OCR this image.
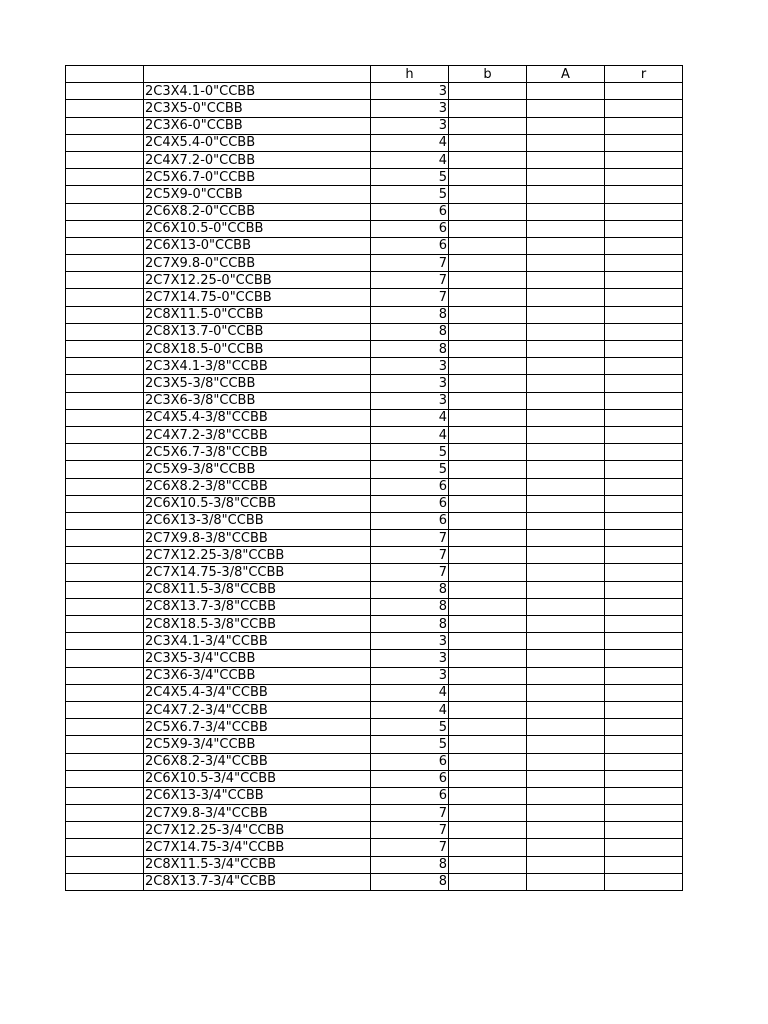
		h	b	A	r
	2C3X4.1-0"CCBB	3			
	2C3X5-0"CCBB	3			
	2C3X6-0"CCBB	3			
	2C4X5.4-0"CCBB	4			
	2C4X7.2-0"CCBB	4			
	2C5X6.7-0"CCBB	5			
	2C5X9-0"CCBB	5			
	2C6X8.2-0"CCBB	6			
	2C6X10.5-0"CCBB	6			
	2C6X13-0"CCBB	6			
	2C7X9.8-0"CCBB	7			
	2C7X12.25-0"CCBB	7			
	2C7X14.75-0"CCBB	7			
	2C8X11.5-0"CCBB	8			
	2C8X13.7-0"CCBB	8			
	2C8X18.5-0"CCBB	8			
	2C3X4.1-3/8"CCBB	3			
	2C3X5-3/8"CCBB	3			
	2C3X6-3/8"CCBB	3			
	2C4X5.4-3/8"CCBB	4			
	2C4X7.2-3/8"CCBB	4			
	2C5X6.7-3/8"CCBB	5			
	2C5X9-3/8"CCBB	5			
	2C6X8.2-3/8"CCBB	6			
	2C6X10.5-3/8"CCBB	6			
	2C6X13-3/8"CCBB	6			
	2C7X9.8-3/8"CCBB	7			
	2C7X12.25-3/8"CCBB	7			
	2C7X14.75-3/8"CCBB	7			
	2C8X11.5-3/8"CCBB	8			
	2C8X13.7-3/8"CCBB	8			
	2C8X18.5-3/8"CCBB	8			
	2C3X4.1-3/4"CCBB	3			
	2C3X5-3/4"CCBB	3			
	2C3X6-3/4"CCBB	3			
	2C4X5.4-3/4"CCBB	4			
	2C4X7.2-3/4"CCBB	4			
	2C5X6.7-3/4"CCBB	5			
	2C5X9-3/4"CCBB	5			
	2C6X8.2-3/4"CCBB	6			
	2C6X10.5-3/4"CCBB	6			
	2C6X13-3/4"CCBB	6			
	2C7X9.8-3/4"CCBB	7			
	2C7X12.25-3/4"CCBB	7			
	2C7X14.75-3/4"CCBB	7			
	2C8X11.5-3/4"CCBB	8			
	2C8X13.7-3/4"CCBB	8			
